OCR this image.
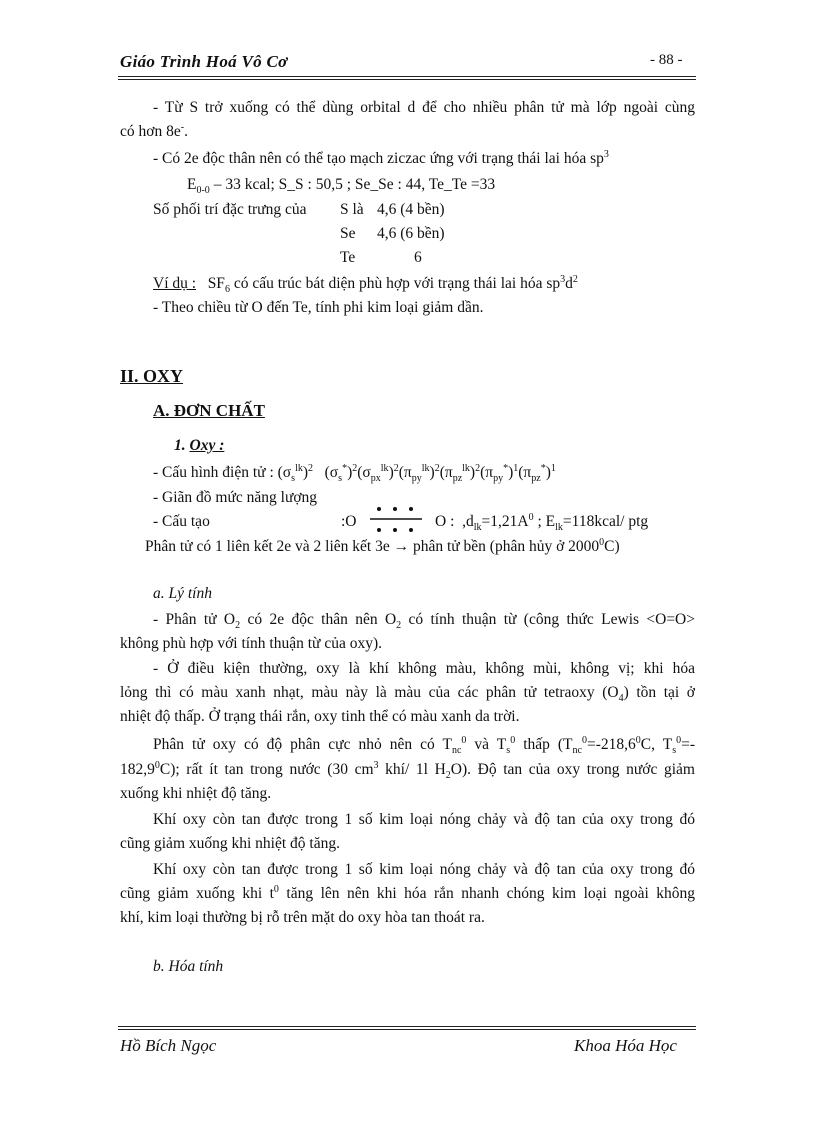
Giáo Trình Hoá Vô Cơ	- 88 -
- Từ S trở xuống có thể dùng orbital d để cho nhiều phân tử mà lớp ngoài cùng
có hơn 8e-.
- Có 2e độc thân nên có thể tạo mạch ziczac ứng với trạng thái lai hóa $sp^3$
$E_{0-0} - 33$ kcal; S_S : 50,5 ; Se_Se : 44, Te_Te =33
Số phối trí đặc trưng của S là 4,6 (4 bền)
Se 4,6 (6 bền)
Te	6
Ví dụ : $SF_6$ có cấu trúc bát diện phù hợp với trạng thái lai hóa $sp^3d^2$
- Theo chiều từ O đến Te, tính phi kim loại giảm dần.
II. OXY
A. ĐƠN CHẤT
1. Oxy :
- Cấu hình điện tử : $(\sigma_s^{lk})^2$ $(\sigma_s^*)^2(\sigma_{px}^{lk})^2(\pi_{py}^{lk})^2(\pi_{pz}^{lk})^2(\pi_{py}^*)^1(\pi_{pz}^*)^1$
- Giãn đồ mức năng lượng
- Cấu tạo	:O	O : $,d_{lk}=1,21A^0$ ; $E_{lk}=118kcal/$ ptg
Phân tử có 1 liên kết 2e và 2 liên kết 3e → phân tử bền (phân hủy ở 2000$^0$C)
a. Lý tính
- Phân tử $O_2$ có 2e độc thân nên $O_2$ có tính thuận từ (công thức Lewis <O=O>
không phù hợp với tính thuận từ của oxy).
- Ở điều kiện thường, oxy là khí không màu, không mùi, không vị; khi hóa
lỏng thì có màu xanh nhạt, màu này là màu của các phân tử tetraoxy $(O_4)$ tồn tại ở
nhiệt độ thấp. Ở trạng thái rắn, oxy tinh thể có màu xanh da trời.
Phân tử oxy có độ phân cực nhỏ nên có $T_{nc}^0$ và $T_s^0$ thấp ($T_{nc}^0=-218,6^0C$, $T_s^0=-$
182,9$^0$C); rất ít tan trong nước (30 $cm^3$ khí/ 1l $H_2O$). Độ tan của oxy trong nước giảm
xuống khi nhiệt độ tăng.
Khí oxy còn tan được trong 1 số kim loại nóng chảy và độ tan của oxy trong đó
cũng giảm xuống khi nhiệt độ tăng.
Khí oxy còn tan được trong 1 số kim loại nóng chảy và độ tan của oxy trong đó
cũng giảm xuống khi $t^0$ tăng lên nên khi hóa rắn nhanh chóng kim loại ngoài không
khí, kim loại thường bị rỗ trên mặt do oxy hòa tan thoát ra.
b. Hóa tính
Hồ Bích Ngọc	Khoa Hóa Học
